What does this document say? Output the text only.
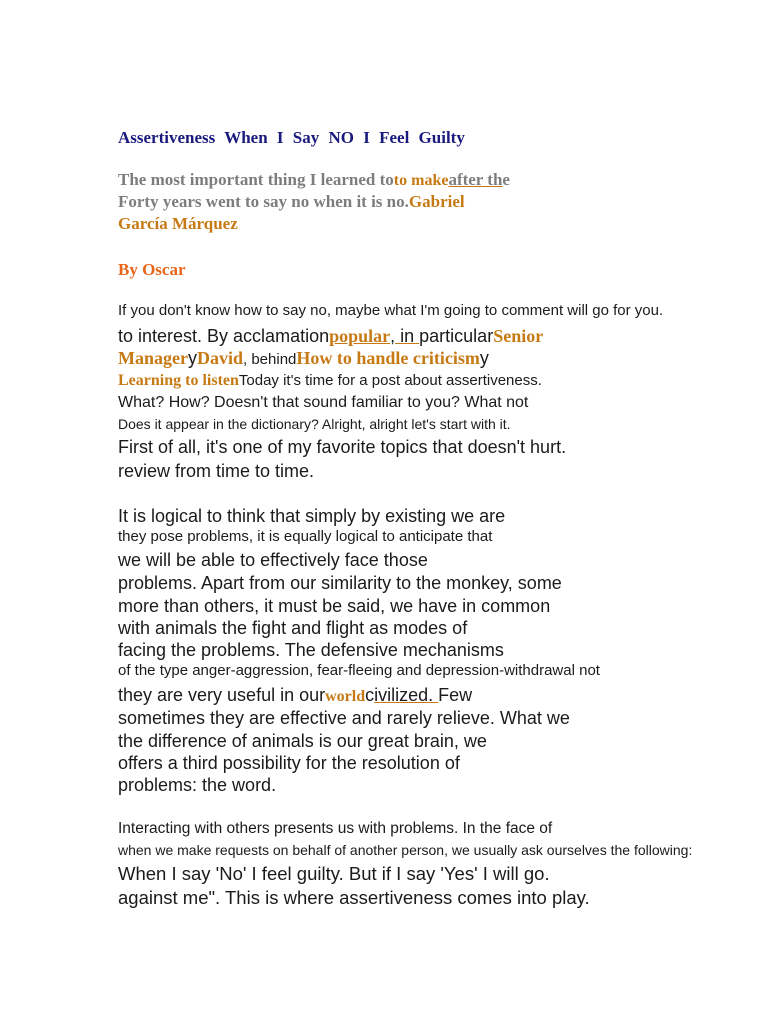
Assertiveness When I Say NO I Feel Guilty
The most important thing I learned toto makeafter the
Forty years went to say no when it is no.Gabriel
García Márquez
By Oscar
If you don't know how to say no, maybe what I'm going to comment will go for you.
to interest. By acclamationpopular, in particularSenior
ManageryDavid, behindHow to handle criticismy
Learning to listenToday it's time for a post about assertiveness.
What? How? Doesn't that sound familiar to you? What not
Does it appear in the dictionary? Alright, alright let's start with it.
First of all, it's one of my favorite topics that doesn't hurt.
review from time to time.
It is logical to think that simply by existing we are
they pose problems, it is equally logical to anticipate that
we will be able to effectively face those
problems. Apart from our similarity to the monkey, some
more than others, it must be said, we have in common
with animals the fight and flight as modes of
facing the problems. The defensive mechanisms
of the type anger-aggression, fear-fleeing and depression-withdrawal not
they are very useful in ourworldcivilized. Few
sometimes they are effective and rarely relieve. What we
the difference of animals is our great brain, we
offers a third possibility for the resolution of
problems: the word.
Interacting with others presents us with problems. In the face of
when we make requests on behalf of another person, we usually ask ourselves the following:
When I say 'No' I feel guilty. But if I say 'Yes' I will go.
against me". This is where assertiveness comes into play.
